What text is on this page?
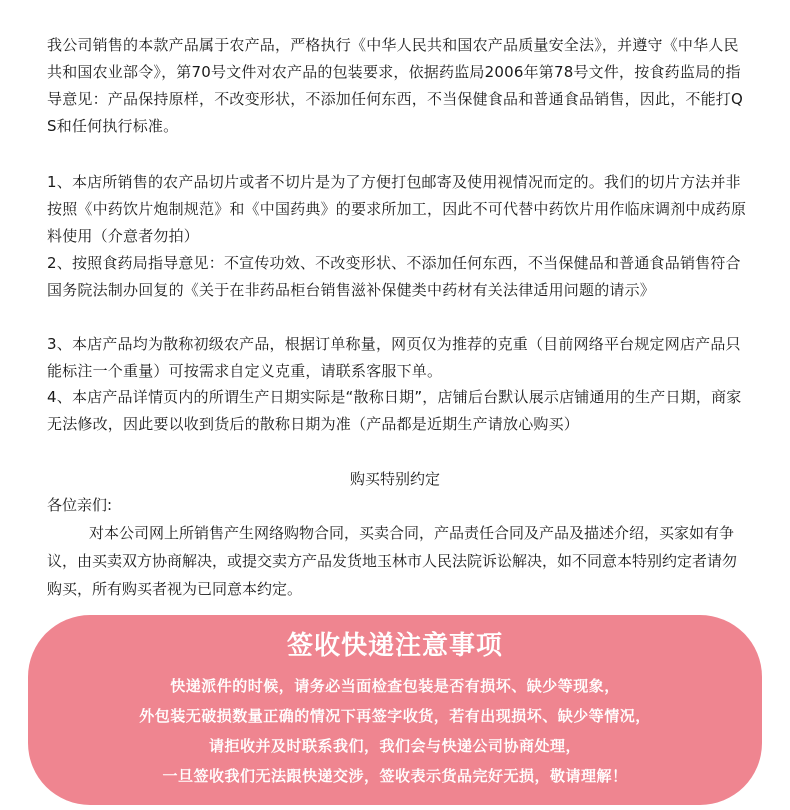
我公司销售的本款产品属于农产品，严格执行《中华人民共和国农产品质量安全法》，并遵守《中华人民共和国农业部令》，第70号文件对农产品的包装要求，依据药监局2006年第78号文件，按食药监局的指导意见：产品保持原样，不改变形状，不添加任何东西，不当保健食品和普通食品销售，因此，不能打QS和任何执行标准。

1、本店所销售的农产品切片或者不切片是为了方便打包邮寄及使用视情况而定的。我们的切片方法并非按照《中药饮片炮制规范》和《中国药典》的要求所加工，因此不可代替中药饮片用作临床调剂中成药原料使用（介意者勿拍）

2、按照食药局指导意见：不宣传功效、不改变形状、不添加任何东西，不当保健品和普通食品销售符合国务院法制办回复的《关于在非药品柜台销售滋补保健类中药材有关法律适用问题的请示》

3、本店产品均为散称初级农产品，根据订单称量，网页仅为推荐的克重（目前网络平台规定网店产品只能标注一个重量）可按需求自定义克重，请联系客服下单。

4、本店产品详情页内的所谓生产日期实际是“散称日期”，店铺后台默认展示店铺通用的生产日期，商家无法修改，因此要以收到货后的散称日期为准（产品都是近期生产请放心购买）

购买特别约定

各位亲们:

对本公司网上所销售产生网络购物合同，买卖合同，产品责任合同及产品及描述介绍，买家如有争议，由买卖双方协商解决，或提交卖方产品发货地玉林市人民法院诉讼解决，如不同意本特别约定者请勿购买，所有购买者视为已同意本约定。

签收快递注意事项

快递派件的时候，请务必当面检查包装是否有损坏、缺少等现象，

外包装无破损数量正确的情况下再签字收货，若有出现损坏、缺少等情况，

请拒收并及时联系我们，我们会与快递公司协商处理，

一旦签收我们无法跟快递交涉，签收表示货品完好无损，敬请理解！
